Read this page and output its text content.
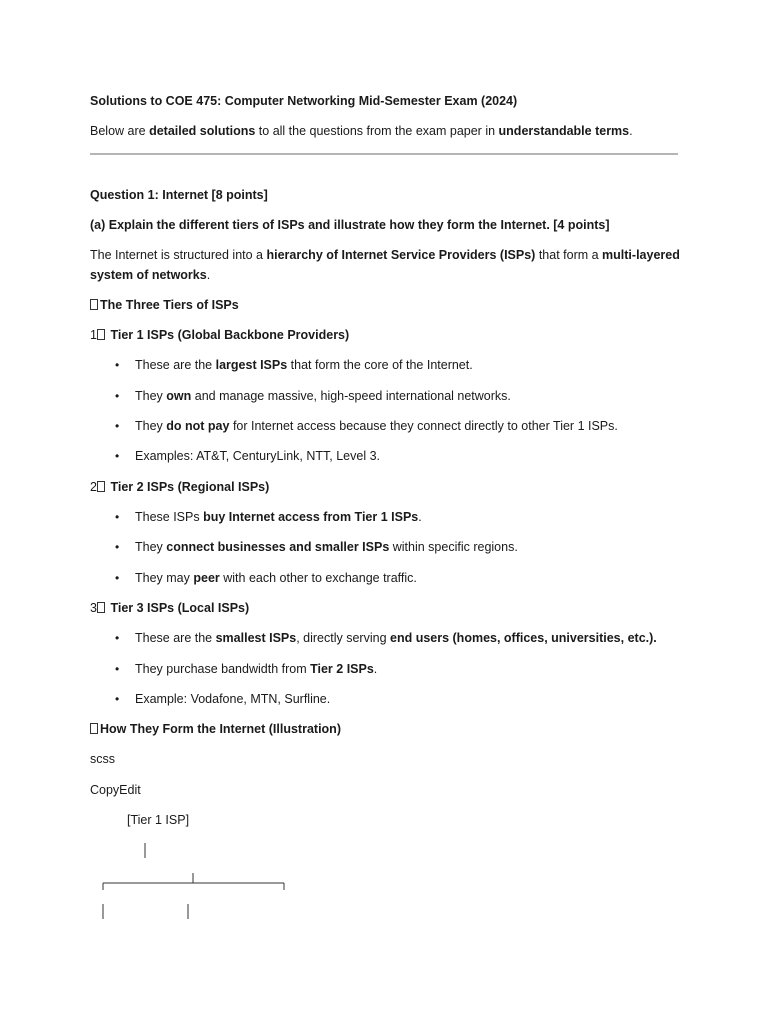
Solutions to COE 475: Computer Networking Mid-Semester Exam (2024)
Below are detailed solutions to all the questions from the exam paper in understandable terms.
Question 1: Internet [8 points]
(a) Explain the different tiers of ISPs and illustrate how they form the Internet. [4 points]
The Internet is structured into a hierarchy of Internet Service Providers (ISPs) that form a multi-layered
system of networks.
The Three Tiers of ISPs
1 Tier 1 ISPs (Global Backbone Providers)
• These are the largest ISPs that form the core of the Internet.
• They own and manage massive, high-speed international networks.
• They do not pay for Internet access because they connect directly to other Tier 1 ISPs.
• Examples: AT&T, CenturyLink, NTT, Level 3.
2 Tier 2 ISPs (Regional ISPs)
• These ISPs buy Internet access from Tier 1 ISPs.
• They connect businesses and smaller ISPs within specific regions.
• They may peer with each other to exchange traffic.
3 Tier 3 ISPs (Local ISPs)
• These are the smallest ISPs, directly serving end users (homes, offices, universities, etc.).
• They purchase bandwidth from Tier 2 ISPs.
• Example: Vodafone, MTN, Surfline.
How They Form the Internet (Illustration)
scss
CopyEdit
[Tier 1 ISP]
